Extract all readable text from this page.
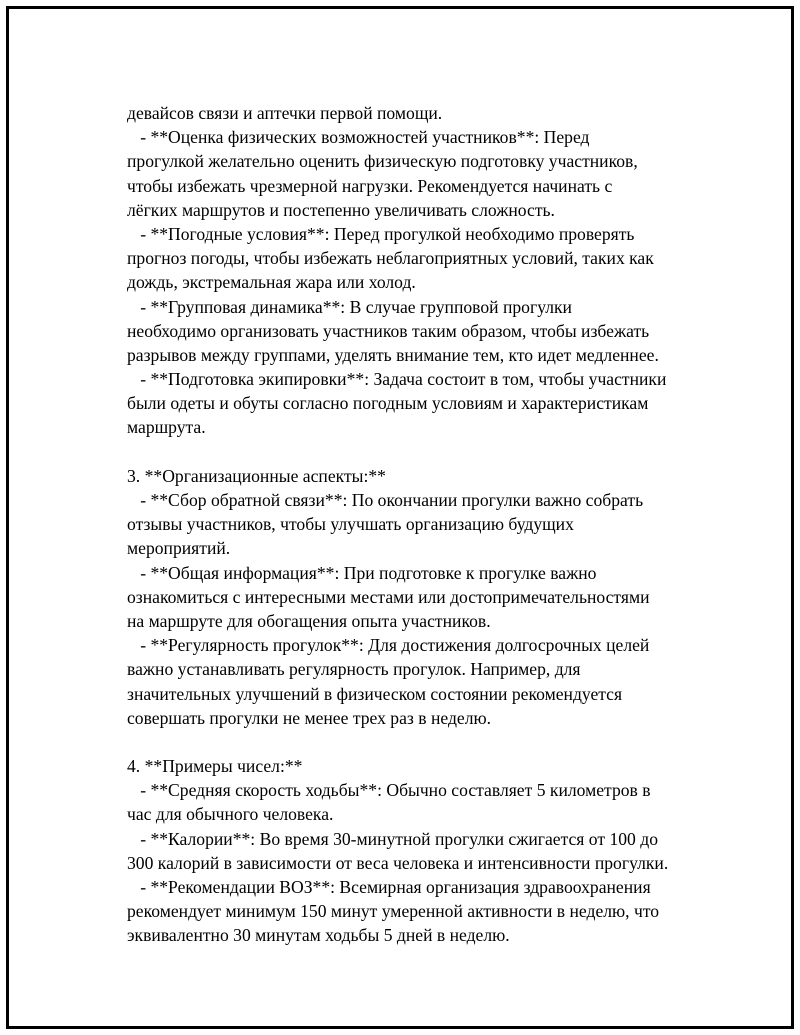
девайсов связи и аптечки первой помощи.
- **Оценка физических возможностей участников**: Перед
прогулкой желательно оценить физическую подготовку участников,
чтобы избежать чрезмерной нагрузки. Рекомендуется начинать с
лёгких маршрутов и постепенно увеличивать сложность.
- **Погодные условия**: Перед прогулкой необходимо проверять
прогноз погоды, чтобы избежать неблагоприятных условий, таких как
дождь, экстремальная жара или холод.
- **Групповая динамика**: В случае групповой прогулки
необходимо организовать участников таким образом, чтобы избежать
разрывов между группами, уделять внимание тем, кто идет медленнее.
- **Подготовка экипировки**: Задача состоит в том, чтобы участники
были одеты и обуты согласно погодным условиям и характеристикам
маршрута.
3. **Организационные аспекты:**
- **Сбор обратной связи**: По окончании прогулки важно собрать
отзывы участников, чтобы улучшать организацию будущих
мероприятий.
- **Общая информация**: При подготовке к прогулке важно
ознакомиться с интересными местами или достопримечательностями
на маршруте для обогащения опыта участников.
- **Регулярность прогулок**: Для достижения долгосрочных целей
важно устанавливать регулярность прогулок. Например, для
значительных улучшений в физическом состоянии рекомендуется
совершать прогулки не менее трех раз в неделю.
4. **Примеры чисел:**
- **Средняя скорость ходьбы**: Обычно составляет 5 километров в
час для обычного человека.
- **Калории**: Во время 30-минутной прогулки сжигается от 100 до
300 калорий в зависимости от веса человека и интенсивности прогулки.
- **Рекомендации ВОЗ**: Всемирная организация здравоохранения
рекомендует минимум 150 минут умеренной активности в неделю, что
эквивалентно 30 минутам ходьбы 5 дней в неделю.
